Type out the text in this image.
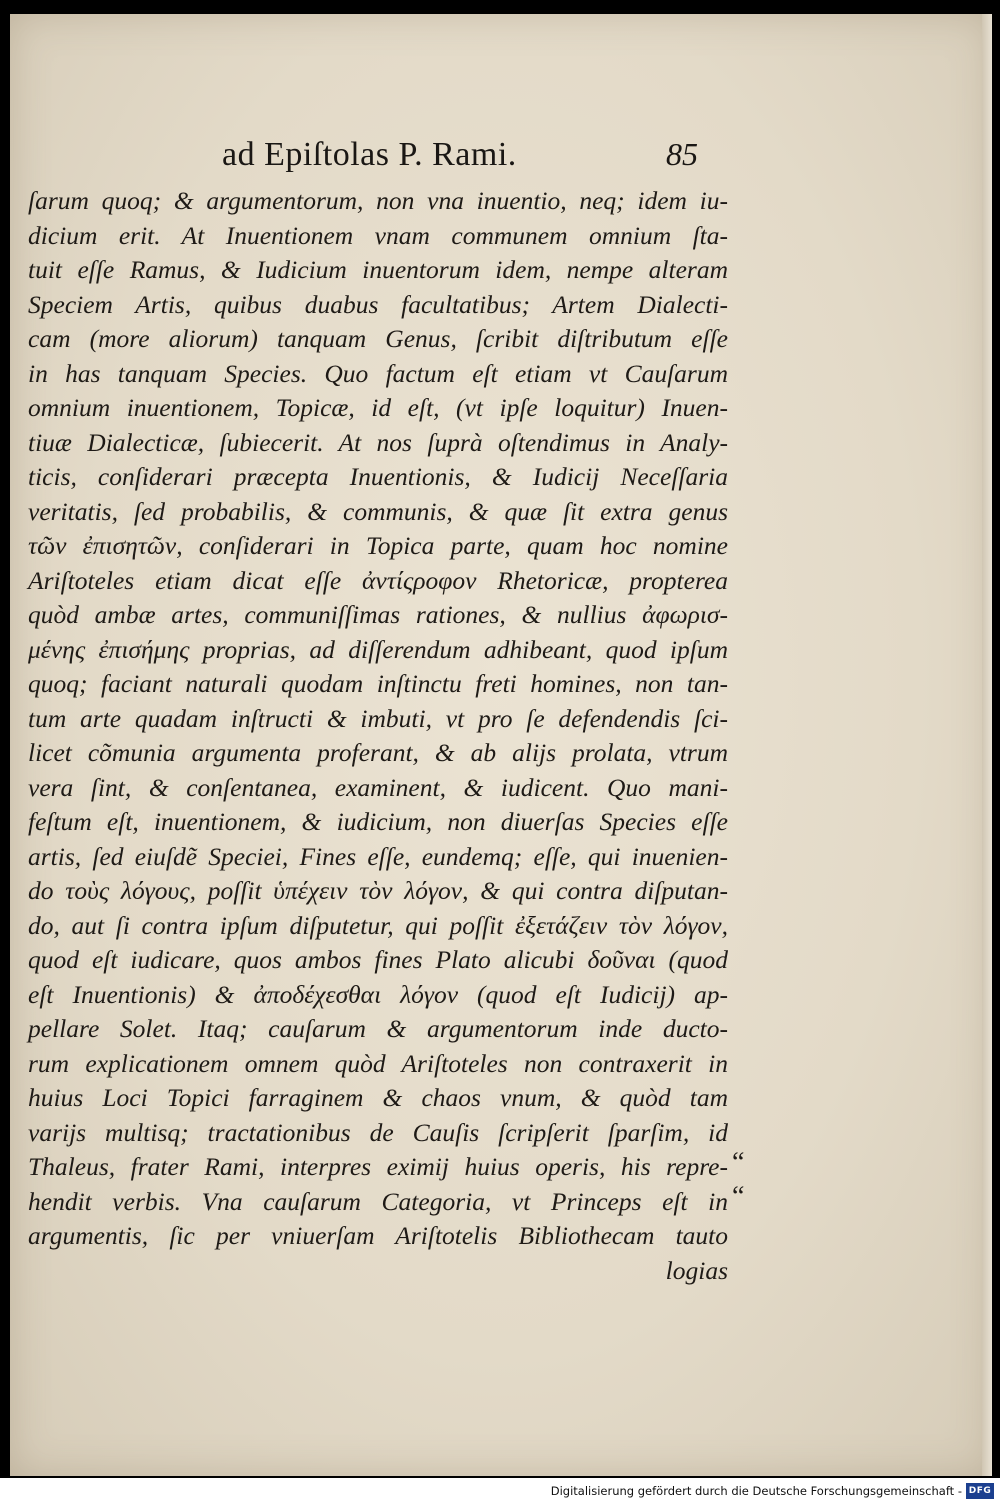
ad Epiſtolas P. Rami.	85
ſarum quoq; & argumentorum, non vna inuentio, neq; idem iu-
dicium erit. At Inuentionem vnam communem omnium ſta-
tuit eſſe Ramus, & Iudicium inuentorum idem, nempe alteram
Speciem Artis, quibus duabus facultatibus; Artem Dialecti-
cam (more aliorum) tanquam Genus, ſcribit diſtributum eſſe
in has tanquam Species. Quo factum eſt etiam vt Cauſarum
omnium inuentionem, Topicæ, id eſt, (vt ipſe loquitur) Inuen-
tiuæ Dialecticæ, ſubiecerit. At nos ſuprà oſtendimus in Analy-
ticis, conſiderari præcepta Inuentionis, & Iudicij Neceſſaria
veritatis, ſed probabilis, & communis, & quæ ſit extra genus
τῶν ἐπισητῶν, conſiderari in Topica parte, quam hoc nomine
Ariſtoteles etiam dicat eſſe ἀντίςροφον Rhetoricæ, propterea
quòd ambæ artes, communiſſimas rationes, & nullius ἀφωρισ-
μένης ἐπισήμης proprias, ad diſſerendum adhibeant, quod ipſum
quoq; faciant naturali quodam inſtinctu freti homines, non tan-
tum arte quadam inſtructi & imbuti, vt pro ſe defendendis ſci-
licet cõmunia argumenta proferant, & ab alijs prolata, vtrum
vera ſint, & conſentanea, examinent, & iudicent. Quo mani-
feſtum eſt, inuentionem, & iudicium, non diuerſas Species eſſe
artis, ſed eiuſdẽ Speciei, Fines eſſe, eundemq; eſſe, qui inuenien-
do τοὺς λόγους, poſſit ὑπέχειν τὸν λόγον, & qui contra diſputan-
do, aut ſi contra ipſum diſputetur, qui poſſit ἐξετάζειν τὸν λόγον,
quod eſt iudicare, quos ambos fines Plato alicubi δοῦναι (quod
eſt Inuentionis) & ἀποδέχεσθαι λόγον (quod eſt Iudicij) ap-
pellare Solet. Itaq; cauſarum & argumentorum inde ducto-
rum explicationem omnem quòd Ariſtoteles non contraxerit in
huius Loci Topici farraginem & chaos vnum, & quòd tam
varijs multisq; tractationibus de Cauſis ſcripſerit ſparſim, id
Thaleus, frater Rami, interpres eximij huius operis, his repre-
hendit verbis. Vna cauſarum Categoria, vt Princeps eſt in
argumentis, ſic per vniuerſam Ariſtotelis Bibliothecam tauto
logias
“
“
Digitalisierung gefördert durch die Deutsche Forschungsgemeinschaft - DFG
